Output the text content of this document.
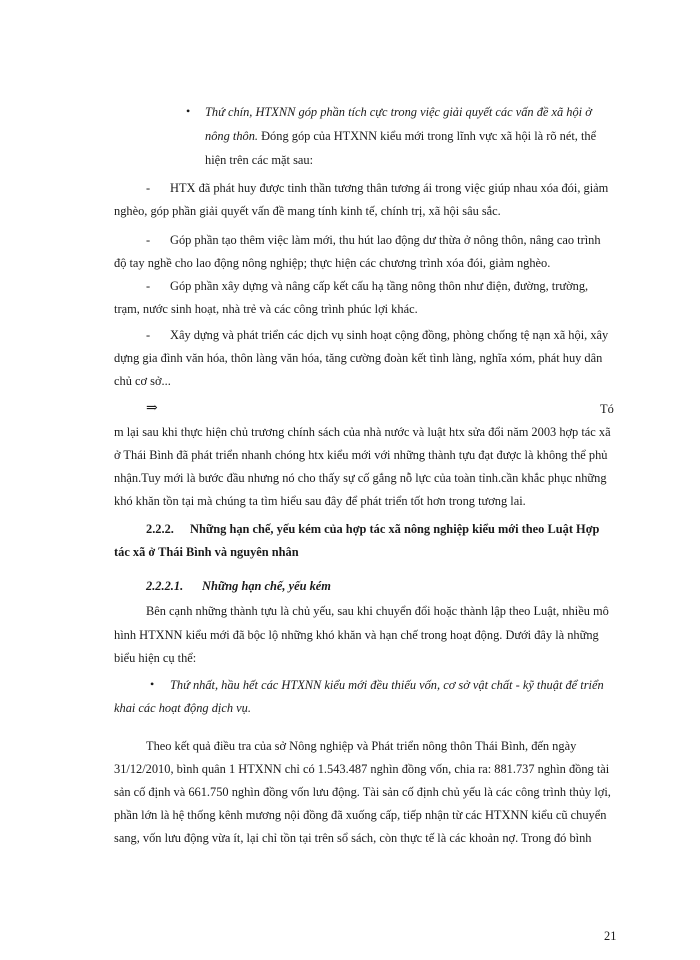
• Thứ chín, HTXNN góp phần tích cực trong việc giải quyết các vấn đề xã hội ở
nông thôn. Đóng góp của HTXNN kiểu mới trong lĩnh vực xã hội là rõ nét, thể
hiện trên các mặt sau:
- HTX đã phát huy được tinh thần tương thân tương ái trong việc giúp nhau xóa đói, giảm
nghèo, góp phần giải quyết vấn đề mang tính kinh tế, chính trị, xã hội sâu sắc.
- Góp phần tạo thêm việc làm mới, thu hút lao động dư thừa ở nông thôn, nâng cao trình
độ tay nghề cho lao động nông nghiệp; thực hiện các chương trình xóa đói, giảm nghèo.
- Góp phần xây dựng và nâng cấp kết cấu hạ tầng nông thôn như điện, đường, trường,
trạm, nước sinh hoạt, nhà trẻ và các công trình phúc lợi khác.
- Xây dựng và phát triển các dịch vụ sinh hoạt cộng đồng, phòng chống tệ nạn xã hội, xây
dựng gia đình văn hóa, thôn làng văn hóa, tăng cường đoàn kết tình làng, nghĩa xóm, phát huy dân
chủ cơ sở...
⇒	Tó
m lại sau khi thực hiện chủ trương chính sách của nhà nước và luật htx sửa đổi năm 2003 hợp tác xã
ở Thái Bình đã phát triển nhanh chóng htx kiểu mới với những thành tựu đạt được là không thể phủ
nhận.Tuy mới là bước đầu nhưng nó cho thấy sự cố gắng nỗ lực của toàn tỉnh.cần khắc phục những
khó khăn tồn tại mà chúng ta tìm hiểu sau đây để phát triển tốt hơn trong tương lai.
2.2.2. Những hạn chế, yếu kém của hợp tác xã nông nghiệp kiểu mới theo Luật Hợp
tác xã ở Thái Bình và nguyên nhân
2.2.2.1. Những hạn chế, yếu kém
Bên cạnh những thành tựu là chủ yếu, sau khi chuyển đổi hoặc thành lập theo Luật, nhiều mô
hình HTXNN kiểu mới đã bộc lộ những khó khăn và hạn chế trong hoạt động. Dưới đây là những
biểu hiện cụ thể:
• Thứ nhất, hầu hết các HTXNN kiểu mới đều thiếu vốn, cơ sở vật chất - kỹ thuật để triển
khai các hoạt động dịch vụ.
Theo kết quả điều tra của sở Nông nghiệp và Phát triển nông thôn Thái Bình, đến ngày
31/12/2010, bình quân 1 HTXNN chỉ có 1.543.487 nghìn đồng vốn, chia ra: 881.737 nghìn đồng tài
sản cố định và 661.750 nghìn đồng vốn lưu động. Tài sản cố định chủ yếu là các công trình thủy lợi,
phần lớn là hệ thống kênh mương nội đồng đã xuống cấp, tiếp nhận từ các HTXNN kiểu cũ chuyển
sang, vốn lưu động vừa ít, lại chỉ tồn tại trên sổ sách, còn thực tế là các khoản nợ. Trong đó bình
21
